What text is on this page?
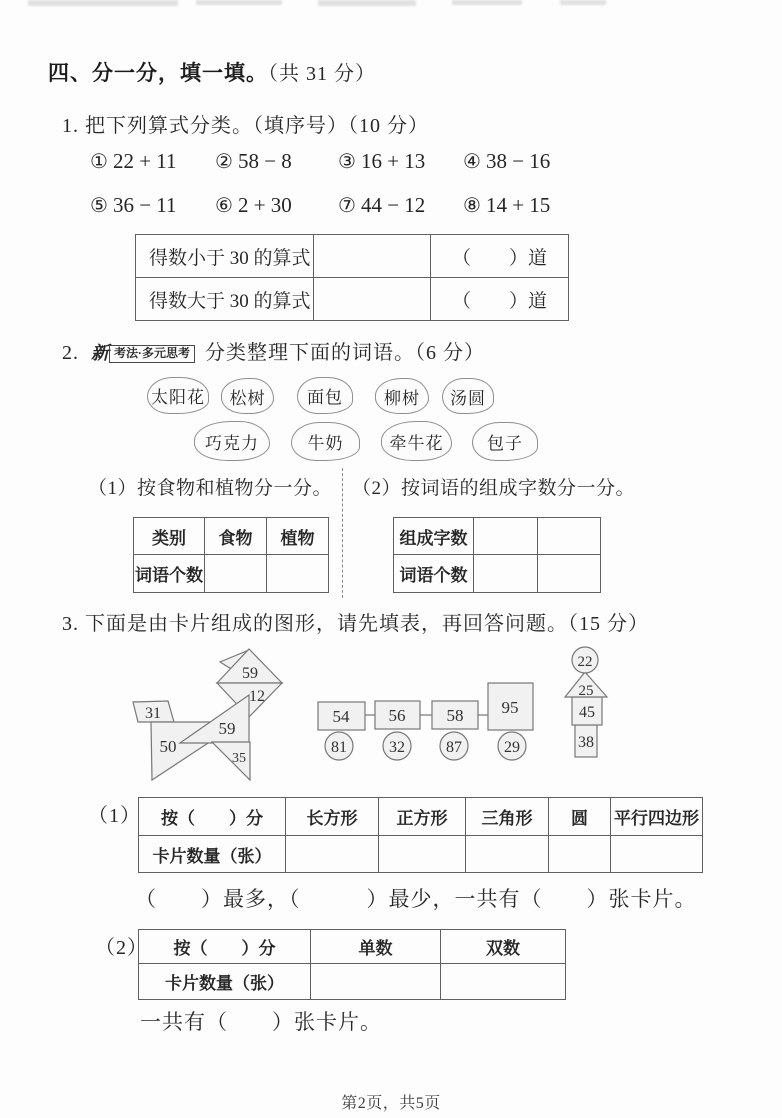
四、分一分，填一填。（共 31 分）
1. 把下列算式分类。（填序号）（10 分）
① 22 + 11 ② 58 − 8 ③ 16 + 13 ④ 38 − 16
⑤ 36 − 11 ⑥ 2 + 30 ⑦ 44 − 12 ⑧ 14 + 15
得数小于 30 的算式		（　　）道
得数大于 30 的算式		（　　）道
2. 新 考法·多元思考 分类整理下面的词语。（6 分）
太阳花	松树	面包	柳树	汤圆
巧克力	牛奶	牵牛花	包子
（1）按食物和植物分一分。 （2）按词语的组成字数分一分。
类别	食物	植物
词语个数		
组成字数		
词语个数		
3. 下面是由卡片组成的图形，请先填表，再回答问题。（15 分）
59
12
31
50
59
35
54 56 58 95
81	32	87	29
22
25
45
38
（1） 按（　　）分	长方形	正方形	三角形	圆	平行四边形
卡片数量（张）					
（　　）最多，（　　　）最少，一共有（　　）张卡片。
（2） 按（　　）分	单数	双数
卡片数量（张）		
一共有（　　）张卡片。
第2页，共5页
